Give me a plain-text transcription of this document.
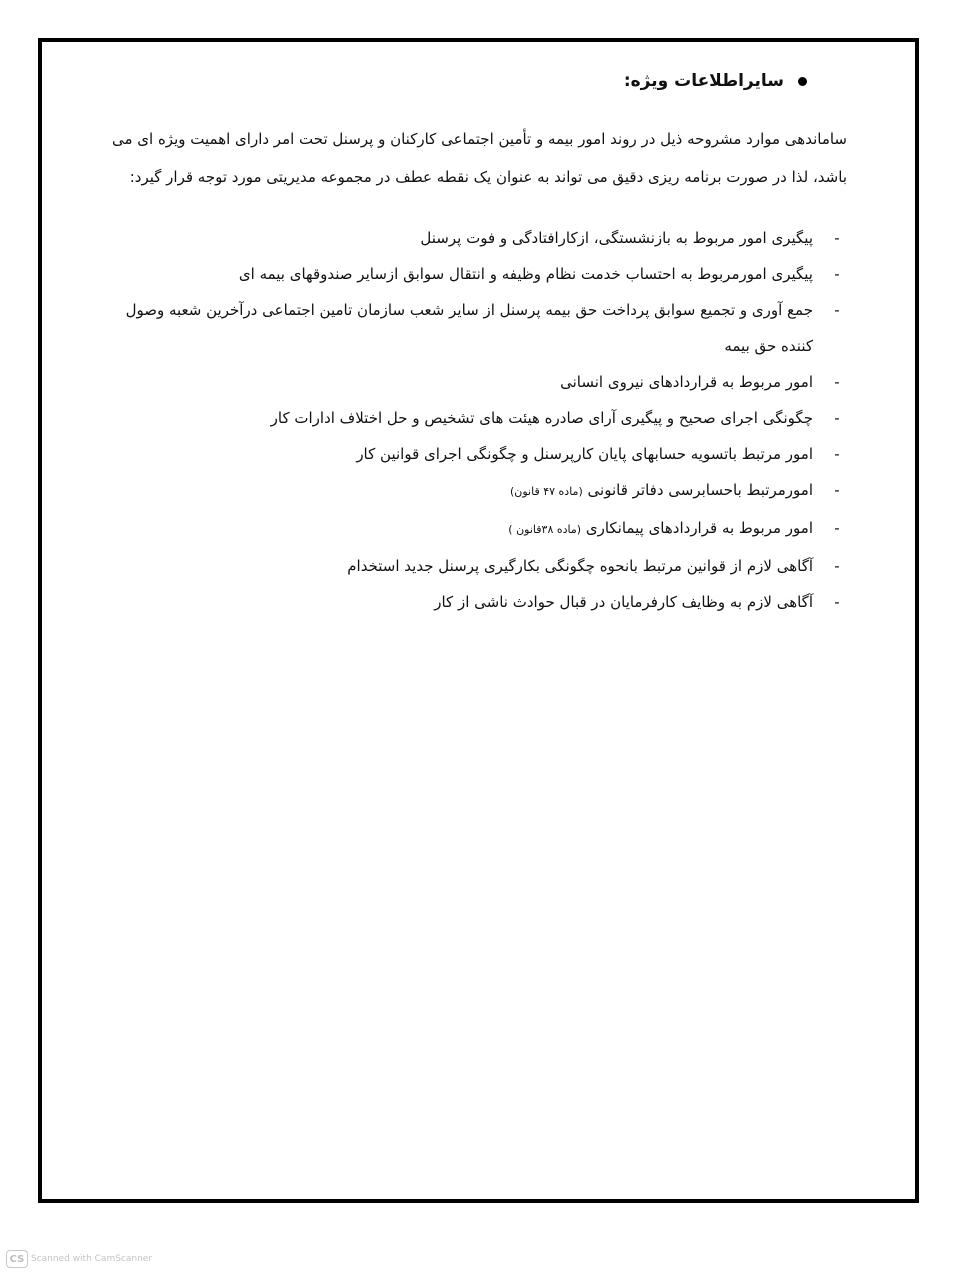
سایراطلاعات ویژه:
ساماندهی موارد مشروحه ذیل در روند امور بیمه و تأمین اجتماعی کارکنان و پرسنل تحت امر دارای اهمیت ویژه ای می باشد، لذا در صورت برنامه ریزی دقیق می تواند به عنوان یک نقطه عطف در مجموعه مدیریتی مورد توجه قرار گیرد:
-
پیگیری امور مربوط به بازنشستگی، ازکارافتادگی و فوت پرسنل
-
پیگیری امورمربوط به احتساب خدمت نظام وظیفه و انتقال سوابق ازسایر صندوقهای بیمه ای
-
جمع آوری و تجمیع سوابق پرداخت حق بیمه پرسنل از سایر شعب سازمان تامین اجتماعی درآخرین شعبه وصول کننده حق بیمه
-
امور مربوط به قراردادهای نیروی انسانی
-
چگونگی اجرای صحیح و پیگیری آرای صادره هیئت های تشخیص و حل اختلاف ادارات کار
-
امور مرتبط باتسویه حسابهای پایان کارپرسنل و چگونگی اجرای قوانین کار
-
امورمرتبط باحسابرسی دفاتر قانونی (ماده ۴۷ قانون)
-
امور مربوط به قراردادهای پیمانکاری (ماده ۳۸قانون )
-
آگاهی لازم از قوانین مرتبط بانحوه چگونگی بکارگیری پرسنل جدید استخدام
-
آگاهی لازم به وظایف کارفرمایان در قبال حوادث ناشی از کار
CS Scanned with CamScanner
